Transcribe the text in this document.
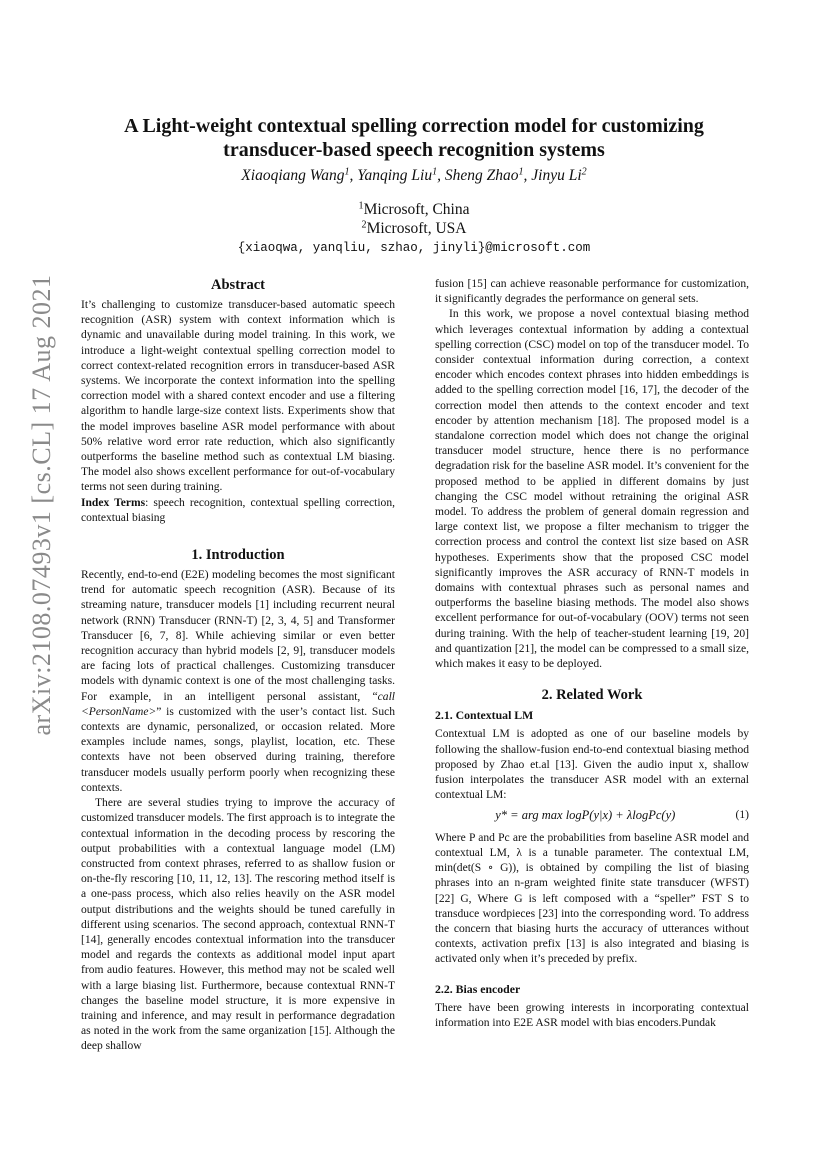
arXiv:2108.07493v1 [cs.CL] 17 Aug 2021
A Light-weight contextual spelling correction model for customizing
transducer-based speech recognition systems
Xiaoqiang Wang$^1$, Yanqing Liu$^1$, Sheng Zhao$^1$, Jinyu Li$^2$
$^1$Microsoft, China
$^2$Microsoft, USA
{xiaoqwa, yanqliu, szhao, jinyli}@microsoft.com
Abstract

It’s challenging to customize transducer-based automatic speech recognition (ASR) system with context information which is dynamic and unavailable during model training. In this work, we introduce a light-weight contextual spelling correction model to correct context-related recognition errors in transducer-based ASR systems. We incorporate the context information into the spelling correction model with a shared context encoder and use a filtering algorithm to handle large-size context lists. Experiments show that the model improves baseline ASR model performance with about 50% relative word error rate reduction, which also significantly outperforms the baseline method such as contextual LM biasing. The model also shows excellent performance for out-of-vocabulary terms not seen during training.

Index Terms: speech recognition, contextual spelling correction, contextual biasing

1. Introduction

Recently, end-to-end (E2E) modeling becomes the most significant trend for automatic speech recognition (ASR). Because of its streaming nature, transducer models [1] including recurrent neural network (RNN) Transducer (RNN-T) [2, 3, 4, 5] and Transformer Transducer [6, 7, 8]. While achieving similar or even better recognition accuracy than hybrid models [2, 9], transducer models are facing lots of practical challenges. Customizing transducer models with dynamic context is one of the most challenging tasks. For example, in an intelligent personal assistant, “call <PersonName>” is customized with the user’s contact list. Such contexts are dynamic, personalized, or occasion related. More examples include names, songs, playlist, location, etc. These contexts have not been observed during training, therefore transducer models usually perform poorly when recognizing these contexts.

There are several studies trying to improve the accuracy of customized transducer models. The first approach is to integrate the contextual information in the decoding process by rescoring the output probabilities with a contextual language model (LM) constructed from context phrases, referred to as shallow fusion or on-the-fly rescoring [10, 11, 12, 13]. The rescoring method itself is a one-pass process, which also relies heavily on the ASR model output distributions and the weights should be tuned carefully in different using scenarios. The second approach, contextual RNN-T [14], generally encodes contextual information into the transducer model and regards the contexts as additional model input apart from audio features. However, this method may not be scaled well with a large biasing list. Furthermore, because contextual RNN-T changes the baseline model structure, it is more expensive in training and inference, and may result in performance degradation as noted in the work from the same organization [15]. Although the deep shallow

fusion [15] can achieve reasonable performance for customization, it significantly degrades the performance on general sets.

In this work, we propose a novel contextual biasing method which leverages contextual information by adding a contextual spelling correction (CSC) model on top of the transducer model. To consider contextual information during correction, a context encoder which encodes context phrases into hidden embeddings is added to the spelling correction model [16, 17], the decoder of the correction model then attends to the context encoder and text encoder by attention mechanism [18]. The proposed model is a standalone correction model which does not change the original transducer model structure, hence there is no performance degradation risk for the baseline ASR model. It’s convenient for the proposed method to be applied in different domains by just changing the CSC model without retraining the original ASR model. To address the problem of general domain regression and large context list, we propose a filter mechanism to trigger the correction process and control the context list size based on ASR hypotheses. Experiments show that the proposed CSC model significantly improves the ASR accuracy of RNN-T models in domains with contextual phrases such as personal names and outperforms the baseline biasing methods. The model also shows excellent performance for out-of-vocabulary (OOV) terms not seen during training. With the help of teacher-student learning [19, 20] and quantization [21], the model can be compressed to a small size, which makes it easy to be deployed.

2. Related Work
2.1. Contextual LM

Contextual LM is adopted as one of our baseline models by following the shallow-fusion end-to-end contextual biasing method proposed by Zhao et.al [13]. Given the audio input x, shallow fusion interpolates the transducer ASR model with an external contextual LM:

y* = arg max logP(y|x) + λlogPc(y)	(1)

Where P and Pc are the probabilities from baseline ASR model and contextual LM, λ is a tunable parameter. The contextual LM, min(det(S ∘ G)), is obtained by compiling the list of biasing phrases into an n-gram weighted finite state transducer (WFST) [22] G, Where G is left composed with a “speller” FST S to transduce wordpieces [23] into the corresponding word. To address the concern that biasing hurts the accuracy of utterances without contexts, activation prefix [13] is also integrated and biasing is activated only when it’s preceded by prefix.

2.2. Bias encoder

There have been growing interests in incorporating contextual information into E2E ASR model with bias encoders.Pundak
